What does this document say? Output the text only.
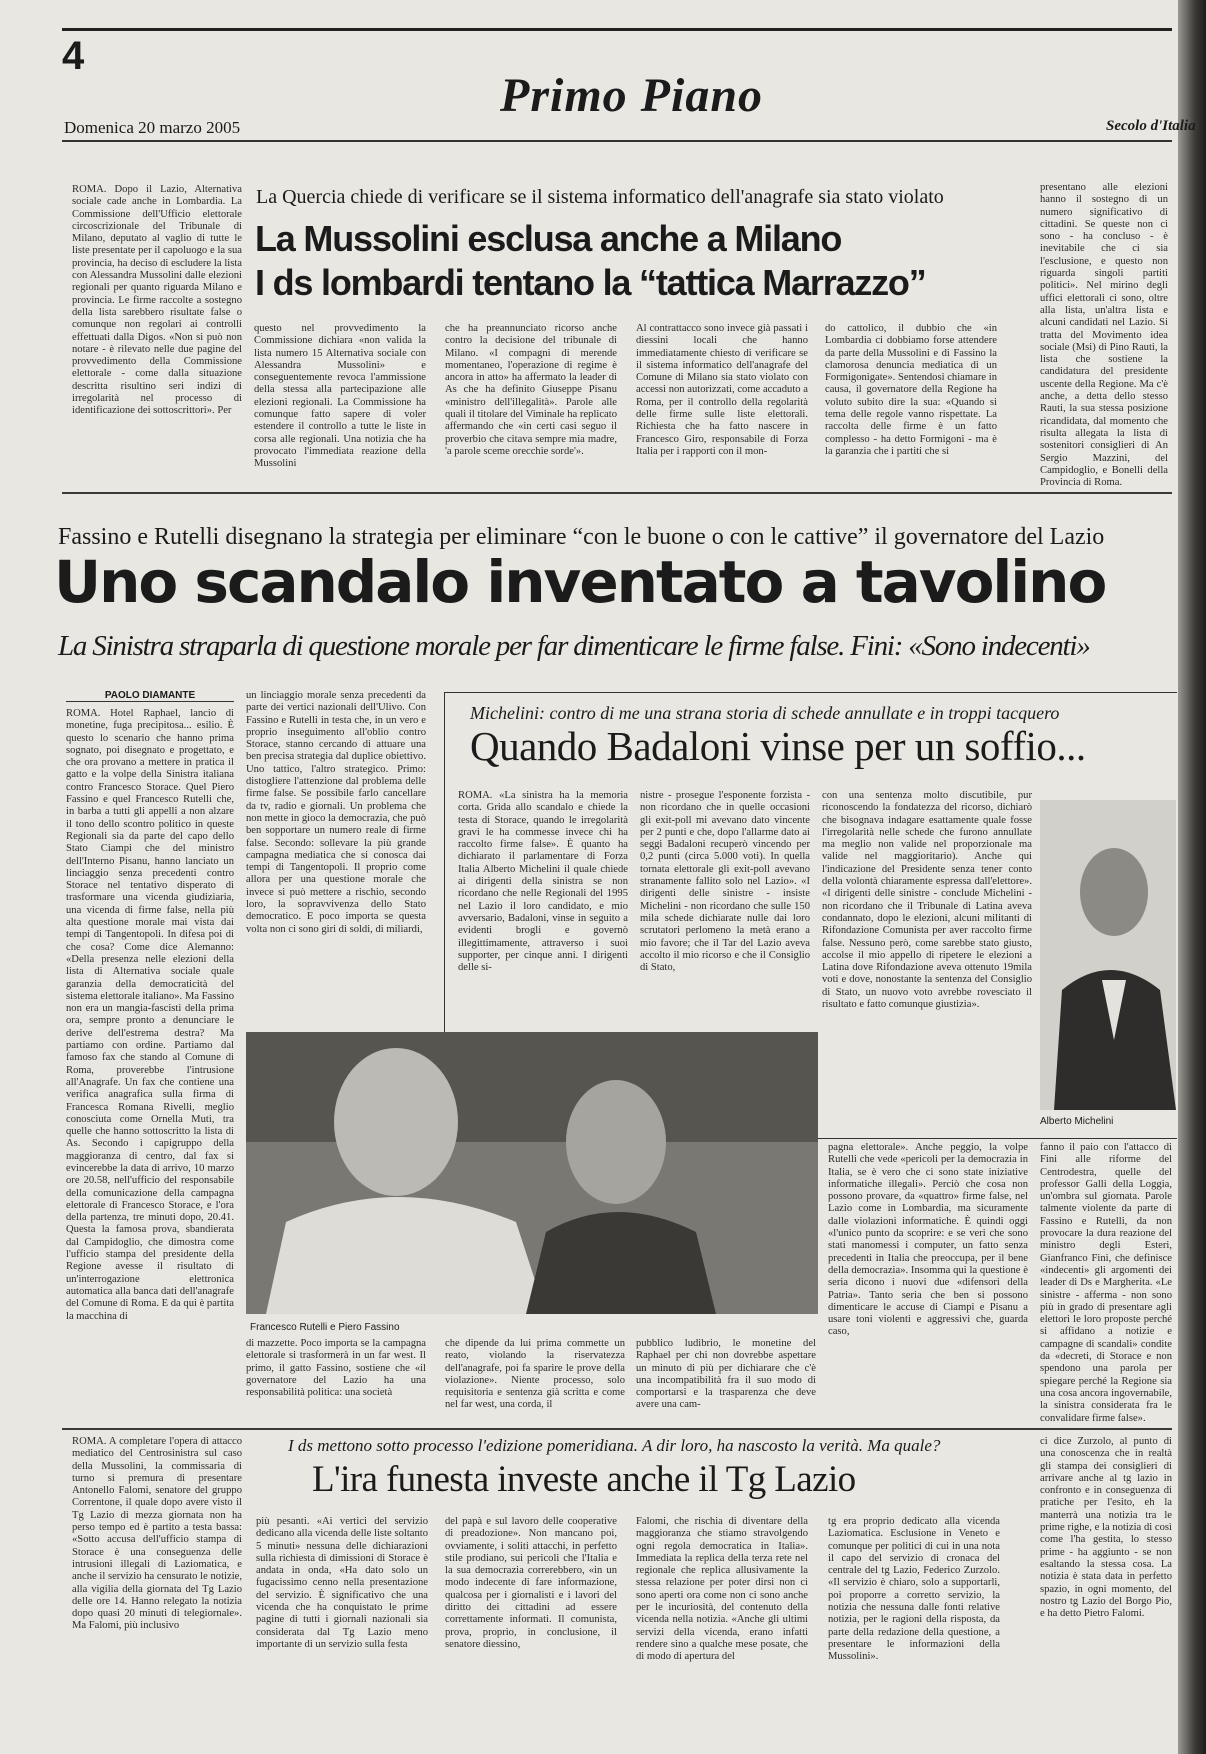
4
Primo Piano
Domenica 20 marzo 2005	Secolo d'Italia
ROMA. Dopo il Lazio, Alternativa sociale cade anche in Lombardia. La Commissione dell'Ufficio elettorale circoscrizionale del Tribunale di Milano, deputato al vaglio di tutte le liste presentate per il capoluogo e la sua provincia, ha deciso di escludere la lista con Alessandra Mussolini dalle elezioni regionali per quanto riguarda Milano e provincia. Le firme raccolte a sostegno della lista sarebbero risultate false o comunque non regolari ai controlli effettuati dalla Digos. «Non si può non notare - è rilevato nelle due pagine del provvedimento della Commissione elettorale - come dalla situazione descritta risultino seri indizi di irregolarità nel processo di identificazione dei sottoscrittori». Per
La Quercia chiede di verificare se il sistema informatico dell'anagrafe sia stato violato
La Mussolini esclusa anche a Milano
I ds lombardi tentano la “tattica Marrazzo”
questo nel provvedimento la Commissione dichiara «non valida la lista numero 15 Alternativa sociale con Alessandra Mussolini» e conseguentemente revoca l'ammissione della stessa alla partecipazione alle elezioni regionali. La Commissione ha comunque fatto sapere di voler estendere il controllo a tutte le liste in corsa alle regionali. Una notizia che ha provocato l'immediata reazione della Mussolini
che ha preannunciato ricorso anche contro la decisione del tribunale di Milano. «I compagni di merende momentaneo, l'operazione di regime è ancora in atto» ha affermato la leader di As che ha definito Giuseppe Pisanu «ministro dell'illegalità». Parole alle quali il titolare del Viminale ha replicato affermando che «in certi casi seguo il proverbio che citava sempre mia madre, 'a parole sceme orecchie sorde'».
Al contrattacco sono invece già passati i diessini locali che hanno immediatamente chiesto di verificare se il sistema informatico dell'anagrafe del Comune di Milano sia stato violato con accessi non autorizzati, come accaduto a Roma, per il controllo della regolarità delle firme sulle liste elettorali. Richiesta che ha fatto nascere in Francesco Giro, responsabile di Forza Italia per i rapporti con il mon-
do cattolico, il dubbio che «in Lombardia ci dobbiamo forse attendere da parte della Mussolini e di Fassino la clamorosa denuncia mediatica di un Formigonigate». Sentendosi chiamare in causa, il governatore della Regione ha voluto subito dire la sua: «Quando si tema delle regole vanno rispettate. La raccolta delle firme è un fatto complesso - ha detto Formigoni - ma è la garanzia che i partiti che si
presentano alle elezioni hanno il sostegno di un numero significativo di cittadini. Se queste non ci sono - ha concluso - è inevitabile che ci sia l'esclusione, e questo non riguarda singoli partiti politici». Nel mirino degli uffici elettorali ci sono, oltre alla lista, un'altra lista e alcuni candidati nel Lazio. Si tratta del Movimento idea sociale (Msi) di Pino Rauti, la lista che sostiene la candidatura del presidente uscente della Regione. Ma c'è anche, a detta dello stesso Rauti, la sua stessa posizione ricandidata, dal momento che risulta allegata la lista di sostenitori consiglieri di An Sergio Mazzini, del Campidoglio, e Bonelli della Provincia di Roma.
Fassino e Rutelli disegnano la strategia per eliminare “con le buone o con le cattive” il governatore del Lazio
Uno scandalo inventato a tavolino
La Sinistra straparla di questione morale per far dimenticare le firme false. Fini: «Sono indecenti»
PAOLO DIAMANTE
ROMA. Hotel Raphael, lancio di monetine, fuga precipitosa... esilio. È questo lo scenario che hanno prima sognato, poi disegnato e progettato, e che ora provano a mettere in pratica il gatto e la volpe della Sinistra italiana contro Francesco Storace. Quel Piero Fassino e quel Francesco Rutelli che, in barba a tutti gli appelli a non alzare il tono dello scontro politico in queste Regionali sia da parte del capo dello Stato Ciampi che del ministro dell'Interno Pisanu, hanno lanciato un linciaggio senza precedenti contro Storace nel tentativo disperato di trasformare una vicenda giudiziaria, una vicenda di firme false, nella più alta questione morale mai vista dai tempi di Tangentopoli. In difesa poi di che cosa? Come dice Alemanno: «Della presenza nelle elezioni della lista di Alternativa sociale quale garanzia della democraticità del sistema elettorale italiano». Ma Fassino non era un mangia-fascisti della prima ora, sempre pronto a denunciare le derive dell'estrema destra? Ma partiamo con ordine. Partiamo dal famoso fax che stando al Comune di Roma, proverebbe l'intrusione all'Anagrafe. Un fax che contiene una verifica anagrafica sulla firma di Francesca Romana Rivelli, meglio conosciuta come Ornella Muti, tra quelle che hanno sottoscritto la lista di As. Secondo i capigruppo della maggioranza di centro, dal fax si evincerebbe la data di arrivo, 10 marzo ore 20.58, nell'ufficio del responsabile della comunicazione della campagna elettorale di Francesco Storace, e l'ora della partenza, tre minuti dopo, 20.41. Questa la famosa prova, sbandierata dal Campidoglio, che dimostra come l'ufficio stampa del presidente della Regione avesse il risultato di un'interrogazione elettronica automatica alla banca dati dell'anagrafe del Comune di Roma. E da qui è partita la macchina di
un linciaggio morale senza precedenti da parte dei vertici nazionali dell'Ulivo. Con Fassino e Rutelli in testa che, in un vero e proprio inseguimento all'oblio contro Storace, stanno cercando di attuare una ben precisa strategia dal duplice obiettivo. Uno tattico, l'altro strategico. Primo: distogliere l'attenzione dal problema delle firme false. Se possibile farlo cancellare da tv, radio e giornali. Un problema che non mette in gioco la democrazia, che può ben sopportare un numero reale di firme false. Secondo: sollevare la più grande campagna mediatica che si conosca dai tempi di Tangentopoli. Il proprio come allora per una questione morale che invece si può mettere a rischio, secondo loro, la sopravvivenza dello Stato democratico. E poco importa se questa volta non ci sono giri di soldi, di miliardi,
Michelini: contro di me una strana storia di schede annullate e in troppi tacquero
Quando Badaloni vinse per un soffio...
ROMA. «La sinistra ha la memoria corta. Grida allo scandalo e chiede la testa di Storace, quando le irregolarità gravi le ha commesse invece chi ha raccolto firme false». È quanto ha dichiarato il parlamentare di Forza Italia Alberto Michelini il quale chiede ai dirigenti della sinistra se non ricordano che nelle Regionali del 1995 nel Lazio il loro candidato, e mio avversario, Badaloni, vinse in seguito a evidenti brogli e governò illegittimamente, attraverso i suoi supporter, per cinque anni. I dirigenti delle si-
nistre - prosegue l'esponente forzista - non ricordano che in quelle occasioni gli exit-poll mi avevano dato vincente per 2 punti e che, dopo l'allarme dato ai seggi Badaloni recuperò vincendo per 0,2 punti (circa 5.000 voti). In quella tornata elettorale gli exit-poll avevano stranamente fallito solo nel Lazio». «I dirigenti delle sinistre - insiste Michelini - non ricordano che sulle 150 mila schede dichiarate nulle dai loro scrutatori perlomeno la metà erano a mio favore; che il Tar del Lazio aveva accolto il mio ricorso e che il Consiglio di Stato,
con una sentenza molto discutibile, pur riconoscendo la fondatezza del ricorso, dichiarò che bisognava indagare esattamente quale fosse l'irregolarità nelle schede che furono annullate ma meglio non valide nel proporzionale ma valide nel maggioritario). Anche qui l'indicazione del Presidente senza tener conto della volontà chiaramente espressa dall'elettore». «I dirigenti delle sinistre - conclude Michelini - non ricordano che il Tribunale di Latina aveva condannato, dopo le elezioni, alcuni militanti di Rifondazione Comunista per aver raccolto firme false. Nessuno però, come sarebbe stato giusto, accolse il mio appello di ripetere le elezioni a Latina dove Rifondazione aveva ottenuto 19mila voti e dove, nonostante la sentenza del Consiglio di Stato, un nuovo voto avrebbe rovesciato il risultato e fatto comunque giustizia».
Alberto Michelini
Francesco Rutelli e Piero Fassino
di mazzette. Poco importa se la campagna elettorale si trasformerà in un far west. Il primo, il gatto Fassino, sostiene che «il governatore del Lazio ha una responsabilità politica: una società
che dipende da lui prima commette un reato, violando la riservatezza dell'anagrafe, poi fa sparire le prove della violazione». Niente processo, solo requisitoria e sentenza già scritta e come nel far west, una corda, il
pubblico ludibrio, le monetine del Raphael per chi non dovrebbe aspettare un minuto di più per dichiarare che c'è una incompatibilità fra il suo modo di comportarsi e la trasparenza che deve avere una cam-
pagna elettorale». Anche peggio, la volpe Rutelli che vede «pericoli per la democrazia in Italia, se è vero che ci sono state iniziative informatiche illegali». Perciò che cosa non possono provare, da «quattro» firme false, nel Lazio come in Lombardia, ma sicuramente dalle violazioni informatiche. È quindi oggi «l'unico punto da scoprire: e se veri che sono stati manomessi i computer, un fatto senza precedenti in Italia che preoccupa, per il bene della democrazia». Insomma qui la questione è seria dicono i nuovi due «difensori della Patria». Tanto seria che ben si possono dimenticare le accuse di Ciampi e Pisanu a usare toni violenti e aggressivi che, guarda caso,
fanno il paio con l'attacco di Fini alle riforme del Centrodestra, quelle del professor Galli della Loggia, un'ombra sul giornata. Parole talmente violente da parte di Fassino e Rutelli, da non provocare la dura reazione del ministro degli Esteri, Gianfranco Fini, che definisce «indecenti» gli argomenti dei leader di Ds e Margherita. «Le sinistre - afferma - non sono più in grado di presentare agli elettori le loro proposte perché si affidano a notizie e campagne di scandali» condite da «decreti, di Storace e non spendono una parola per spiegare perché la Regione sia una cosa ancora ingovernabile, la sinistra considerata fra le convalidare firme false».
ROMA. A completare l'opera di attacco mediatico del Centrosinistra sul caso della Mussolini, la commissaria di turno si premura di presentare Antonello Falomi, senatore del gruppo Correntone, il quale dopo avere visto il Tg Lazio di mezza giornata non ha perso tempo ed è partito a testa bassa: «Sotto accusa dell'ufficio stampa di Storace è una conseguenza delle intrusioni illegali di Laziomatica, e anche il servizio ha censurato le notizie, alla vigilia della giornata del Tg Lazio delle ore 14. Hanno relegato la notizia dopo quasi 20 minuti di telegiornale». Ma Falomi, più inclusivo
I ds mettono sotto processo l'edizione pomeridiana. A dir loro, ha nascosto la verità. Ma quale?
L'ira funesta investe anche il Tg Lazio
più pesanti. «Ai vertici del servizio dedicano alla vicenda delle liste soltanto 5 minuti» nessuna delle dichiarazioni sulla richiesta di dimissioni di Storace è andata in onda, «Ha dato solo un fugacissimo cenno nella presentazione del servizio. È significativo che una vicenda che ha conquistato le prime pagine di tutti i giornali nazionali sia considerata dal Tg Lazio meno importante di un servizio sulla festa
del papà e sul lavoro delle cooperative di preadozione». Non mancano poi, ovviamente, i soliti attacchi, in perfetto stile prodiano, sui pericoli che l'Italia e la sua democrazia correrebbero, «in un modo indecente di fare informazione, qualcosa per i giornalisti e i lavori del diritto dei cittadini ad essere correttamente informati. Il comunista, prova, proprio, in conclusione, il senatore diessino,
Falomi, che rischia di diventare della maggioranza che stiamo stravolgendo ogni regola democratica in Italia». Immediata la replica della terza rete nel regionale che replica allusivamente la stessa relazione per poter dirsi non ci sono aperti ora come non ci sono anche per le incuriosità, del contenuto della vicenda nella notizia. «Anche gli ultimi servizi della vicenda, erano infatti rendere sino a qualche mese posate, che di modo di apertura del
tg era proprio dedicato alla vicenda Laziomatica. Esclusione in Veneto e comunque per politici di cui in una nota il capo del servizio di cronaca del centrale del tg Lazio, Federico Zurzolo. «Il servizio è chiaro, solo a supportarli, poi proporre a corretto servizio, la notizia che nessuna dalle fonti relative notizia, per le ragioni della risposta, da parte della redazione della questione, a presentare le informazioni della Mussolini».
ci dice Zurzolo, al punto di una conoscenza che in realtà gli stampa dei consiglieri di arrivare anche al tg lazio in confronto e in conseguenza di pratiche per l'esito, eh la manterrà una notizia tra le prime righe, e la notizia di così come l'ha gestita, lo stesso prime - ha aggiunto - se non esaltando la stessa cosa. La notizia è stata data in perfetto spazio, in ogni momento, del nostro tg Lazio del Borgo Pio, e ha detto Pietro Falomi.
